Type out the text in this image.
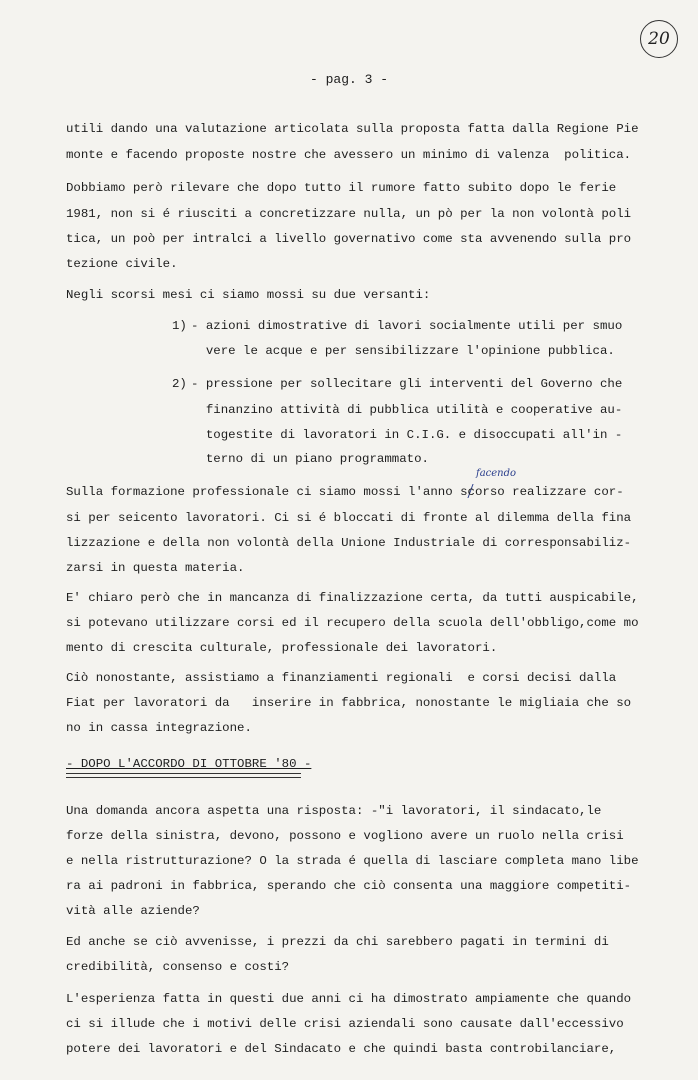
20
- pag. 3 -
utili dando una valutazione articolata sulla proposta fatta dalla Regione Pie
monte e facendo proposte nostre che avessero un minimo di valenza  politica.
Dobbiamo però rilevare che dopo tutto il rumore fatto subito dopo le ferie
1981, non si é riusciti a concretizzare nulla, un pò per la non volontà poli
tica, un poò per intralci a livello governativo come sta avvenendo sulla pro
tezione civile.
Negli scorsi mesi ci siamo mossi su due versanti:
1) - azioni dimostrative di lavori socialmente utili per smuo
vere le acque e per sensibilizzare l'opinione pubblica.
2) - pressione per sollecitare gli interventi del Governo che
finanzino attività di pubblica utilità e cooperative au-
togestite di lavoratori in C.I.G. e disoccupati all'in -
terno di un piano programmato.
facendo
Sulla formazione professionale ci siamo mossi l'anno scorso realizzare cor-
si per seicento lavoratori. Ci si é bloccati di fronte al dilemma della fina
lizzazione e della non volontà della Unione Industriale di corresponsabiliz-
zarsi in questa materia.
E' chiaro però che in mancanza di finalizzazione certa, da tutti auspicabile,
si potevano utilizzare corsi ed il recupero della scuola dell'obbligo,come mo
mento di crescita culturale, professionale dei lavoratori.
Ciò nonostante, assistiamo a finanziamenti regionali  e corsi decisi dalla
Fiat per lavoratori da   inserire in fabbrica, nonostante le migliaia che so
no in cassa integrazione.
- DOPO L'ACCORDO DI OTTOBRE '80 -
Una domanda ancora aspetta una risposta: -"i lavoratori, il sindacato,le
forze della sinistra, devono, possono e vogliono avere un ruolo nella crisi
e nella ristrutturazione? O la strada é quella di lasciare completa mano libe
ra ai padroni in fabbrica, sperando che ciò consenta una maggiore competiti-
vità alle aziende?
Ed anche se ciò avvenisse, i prezzi da chi sarebbero pagati in termini di
credibilità, consenso e costi?
L'esperienza fatta in questi due anni ci ha dimostrato ampiamente che quando
ci si illude che i motivi delle crisi aziendali sono causate dall'eccessivo
potere dei lavoratori e del Sindacato e che quindi basta controbilanciare,
